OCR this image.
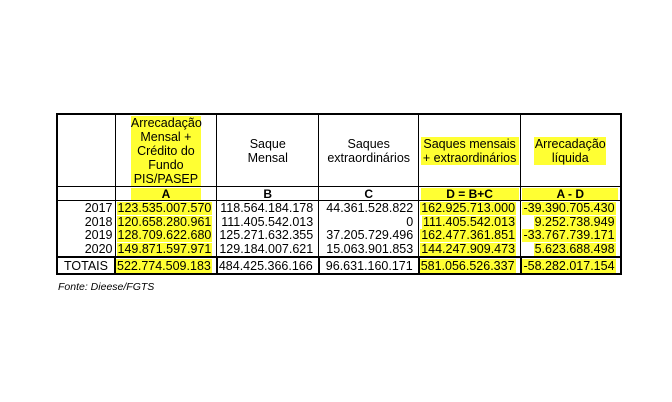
	Arrecadação Mensal + Crédito do Fundo PIS/PASEP	Saque Mensal	Saques extraordinários	Saques mensais + extraordinários	Arrecadação líquida
	A	B	C	D = B+C	A - D
2017	123.535.007.570	118.564.184.178	44.361.528.822	162.925.713.000	-39.390.705.430
2018	120.658.280.961	111.405.542.013	0	111.405.542.013	9.252.738.949
2019	128.709.622.680	125.271.632.355	37.205.729.496	162.477.361.851	-33.767.739.171
2020	149.871.597.971	129.184.007.621	15.063.901.853	144.247.909.473	5.623.688.498
TOTAIS	522.774.509.183	484.425.366.166	96.631.160.171	581.056.526.337	-58.282.017.154
Fonte: Dieese/FGTS
